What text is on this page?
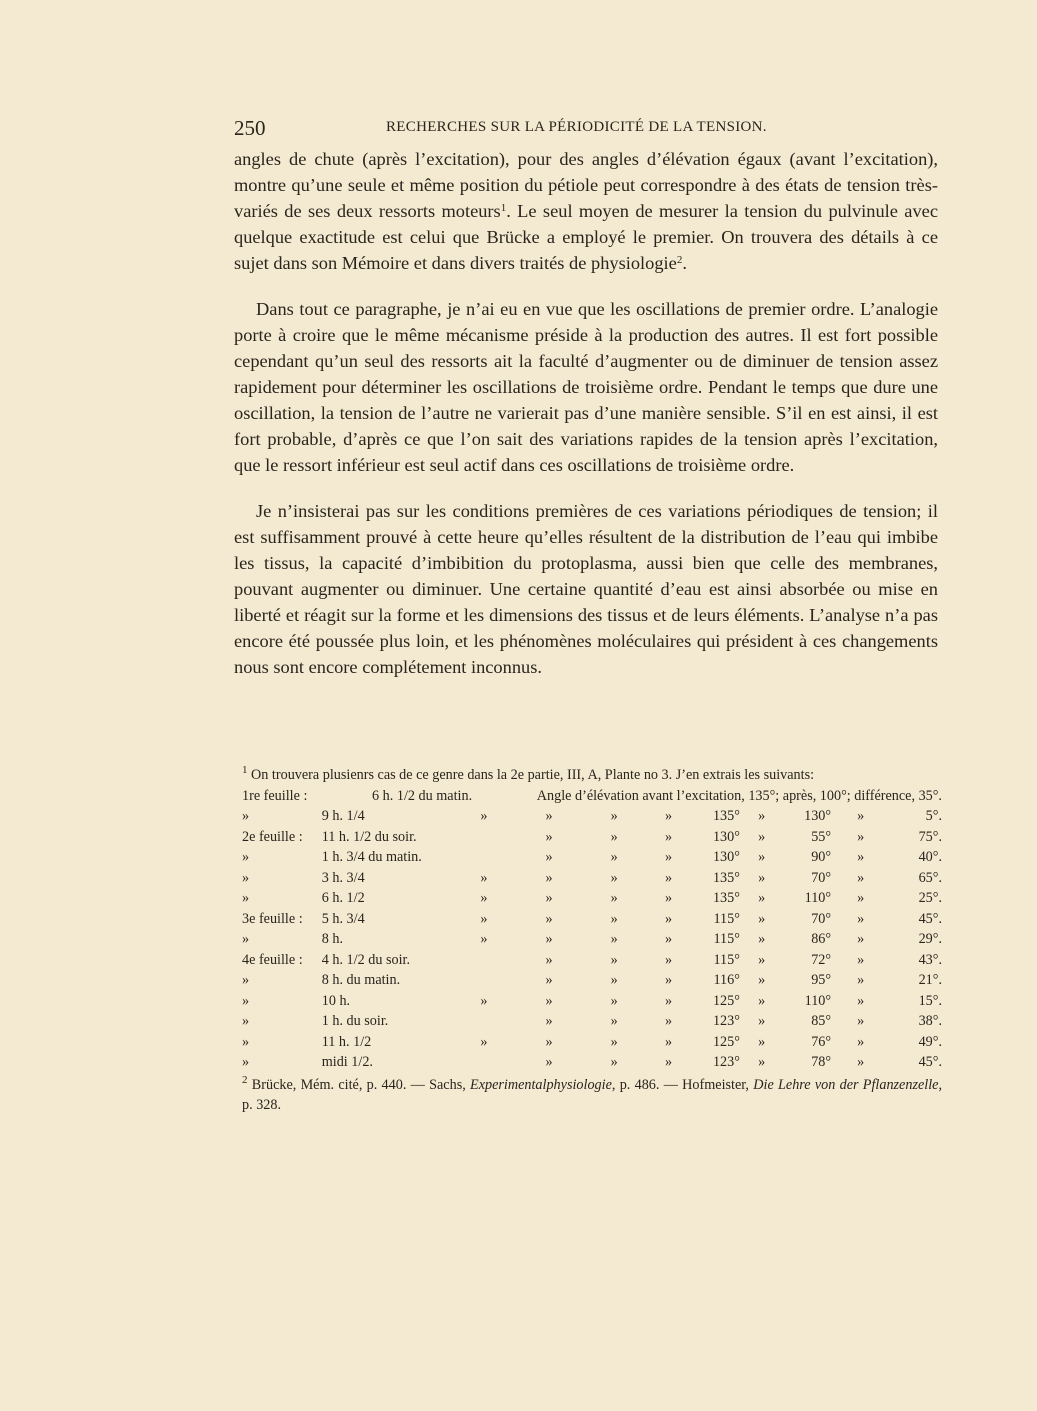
250	RECHERCHES SUR LA PÉRIODICITÉ DE LA TENSION.

angles de chute (après l’excitation), pour des angles d’élévation égaux (avant l’excitation), montre qu’une seule et même position du pétiole peut correspondre à des états de tension très-variés de ses deux ressorts moteurs$^1$. Le seul moyen de mesurer la tension du pulvinule avec quelque exactitude est celui que Brücke a employé le premier. On trouvera des détails à ce sujet dans son Mémoire et dans divers traités de physiologie$^2$.

Dans tout ce paragraphe, je n’ai eu en vue que les oscillations de premier ordre. L’analogie porte à croire que le même mécanisme préside à la production des autres. Il est fort possible cependant qu’un seul des ressorts ait la faculté d’augmenter ou de diminuer de tension assez rapidement pour déterminer les oscillations de troisième ordre. Pendant le temps que dure une oscillation, la tension de l’autre ne varierait pas d’une manière sensible. S’il en est ainsi, il est fort probable, d’après ce que l’on sait des variations rapides de la tension après l’excitation, que le ressort inférieur est seul actif dans ces oscillations de troisième ordre.

Je n’insisterai pas sur les conditions premières de ces variations périodiques de tension; il est suffisamment prouvé à cette heure qu’elles résultent de la distribution de l’eau qui imbibe les tissus, la capacité d’imbibition du protoplasma, aussi bien que celle des membranes, pouvant augmenter ou diminuer. Une certaine quantité d’eau est ainsi absorbée ou mise en liberté et réagit sur la forme et les dimensions des tissus et de leurs éléments. L’analyse n’a pas encore été poussée plus loin, et les phénomènes moléculaires qui président à ces changements nous sont encore complétement inconnus.

$^1$ On trouvera plusienrs cas de ce genre dans la 2e partie, III, A, Plante no 3. J’en extrais les suivants:

1re feuille :	6 h. 1/2 du matin.	Angle d’élévation avant l’excitation, 135°; après, 100°; différence, 35°.

»	9 h. 1/4	»	»	»	»	135°	»	130°	»	5°.
2e feuille :	11 h. 1/2 du soir.		»	»	»	130°	»	55°	»	75°.
»	1 h. 3/4 du matin.		»	»	»	130°	»	90°	»	40°.
»	3 h. 3/4	»	»	»	»	135°	»	70°	»	65°.
»	6 h. 1/2	»	»	»	»	135°	»	110°	»	25°.
3e feuille :	5 h. 3/4	»	»	»	»	115°	»	70°	»	45°.
»	8 h.	»	»	»	»	115°	»	86°	»	29°.
4e feuille :	4 h. 1/2 du soir.		»	»	»	115°	»	72°	»	43°.
»	8 h. du matin.		»	»	»	116°	»	95°	»	21°.
»	10 h.	»	»	»	»	125°	»	110°	»	15°.
»	1 h. du soir.		»	»	»	123°	»	85°	»	38°.
»	11 h. 1/2	»	»	»	»	125°	»	76°	»	49°.
»	midi 1/2.		»	»	»	123°	»	78°	»	45°.

$^2$ Brücke, Mém. cité, p. 440. — Sachs, Experimentalphysiologie, p. 486. — Hofmeister, Die Lehre von der Pflanzenzelle, p. 328.
